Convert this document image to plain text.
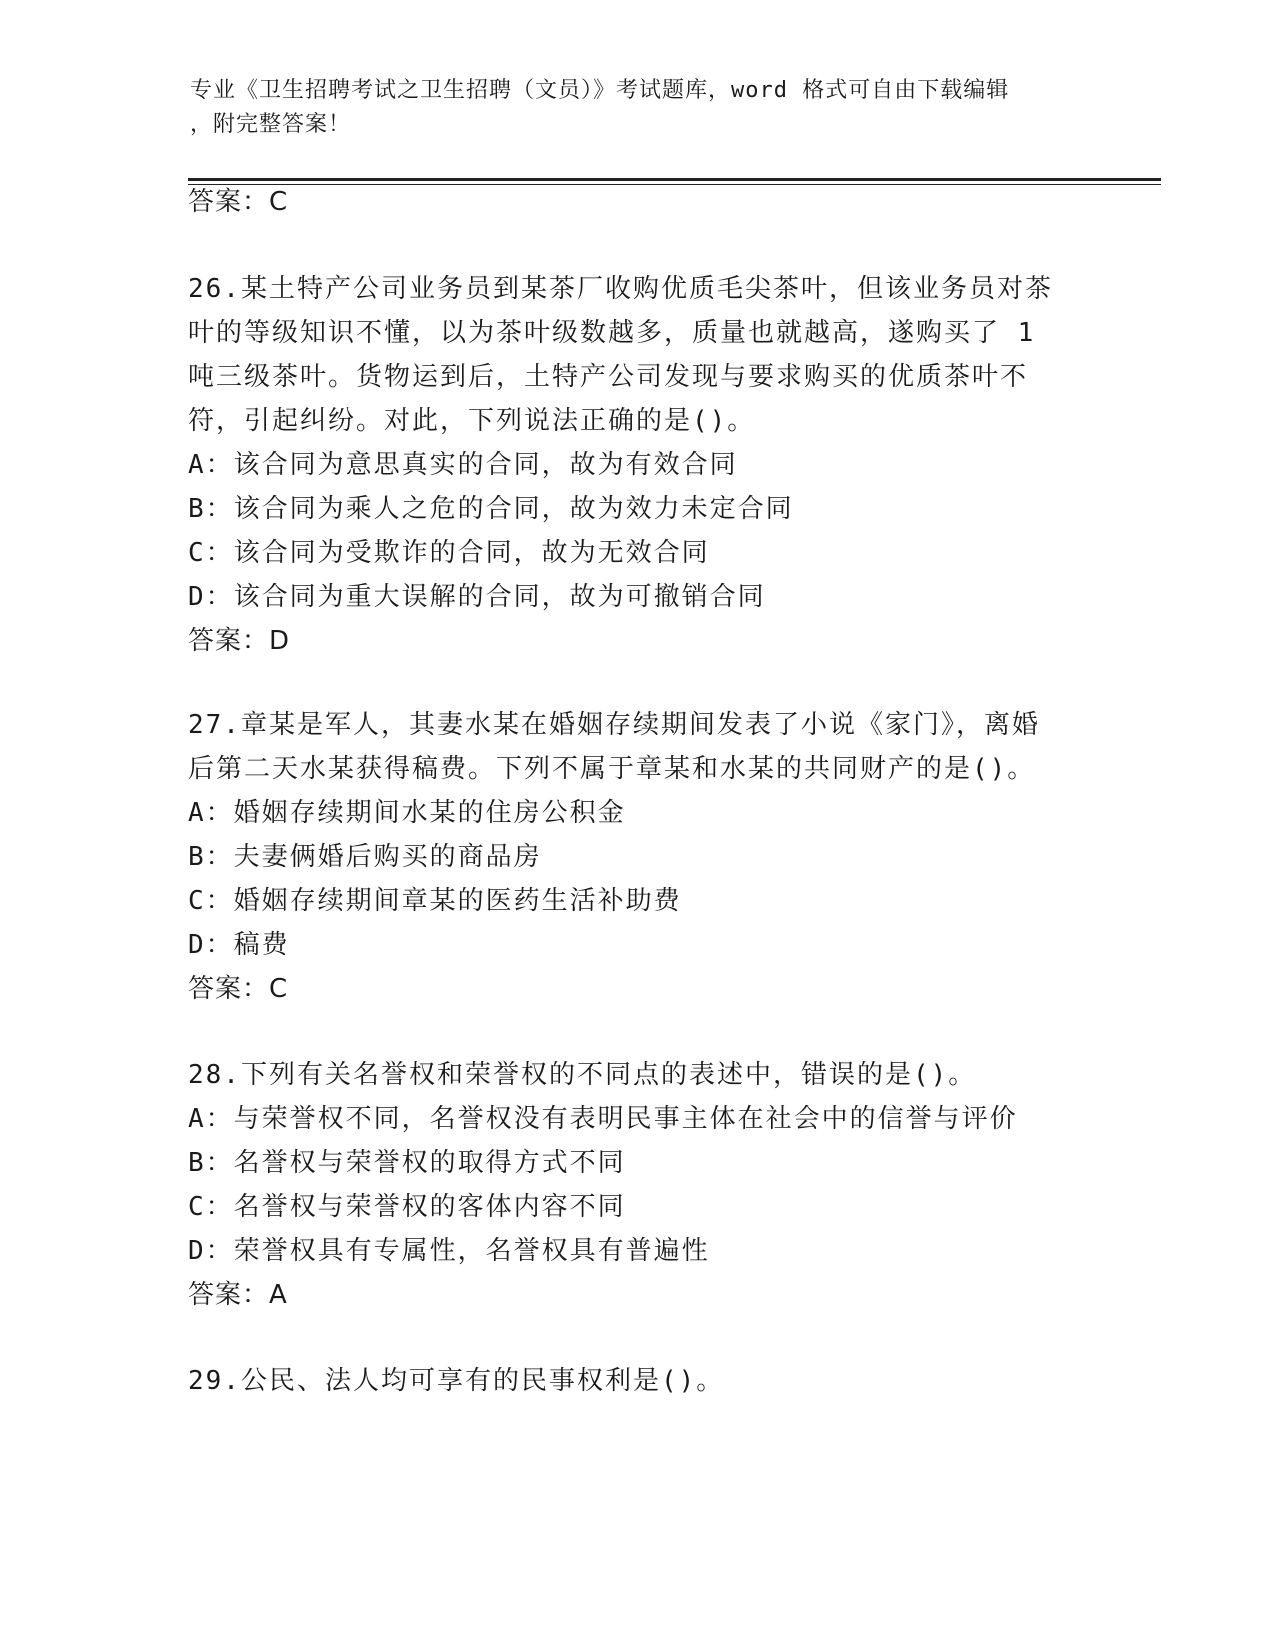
专业《卫生招聘考试之卫生招聘（文员）》考试题库，word 格式可自由下载编辑
，附完整答案！
答案：C
26.某土特产公司业务员到某茶厂收购优质毛尖茶叶，但该业务员对茶
叶的等级知识不懂，以为茶叶级数越多，质量也就越高，遂购买了 1
吨三级茶叶。货物运到后，土特产公司发现与要求购买的优质茶叶不
符，引起纠纷。对此，下列说法正确的是()。
A：该合同为意思真实的合同，故为有效合同
B：该合同为乘人之危的合同，故为效力未定合同
C：该合同为受欺诈的合同，故为无效合同
D：该合同为重大误解的合同，故为可撤销合同
答案：D
27.章某是军人，其妻水某在婚姻存续期间发表了小说《家门》，离婚
后第二天水某获得稿费。下列不属于章某和水某的共同财产的是()。
A：婚姻存续期间水某的住房公积金
B：夫妻俩婚后购买的商品房
C：婚姻存续期间章某的医药生活补助费
D：稿费
答案：C
28.下列有关名誉权和荣誉权的不同点的表述中，错误的是()。
A：与荣誉权不同，名誉权没有表明民事主体在社会中的信誉与评价
B：名誉权与荣誉权的取得方式不同
C：名誉权与荣誉权的客体内容不同
D：荣誉权具有专属性，名誉权具有普遍性
答案：A
29.公民、法人均可享有的民事权利是()。
